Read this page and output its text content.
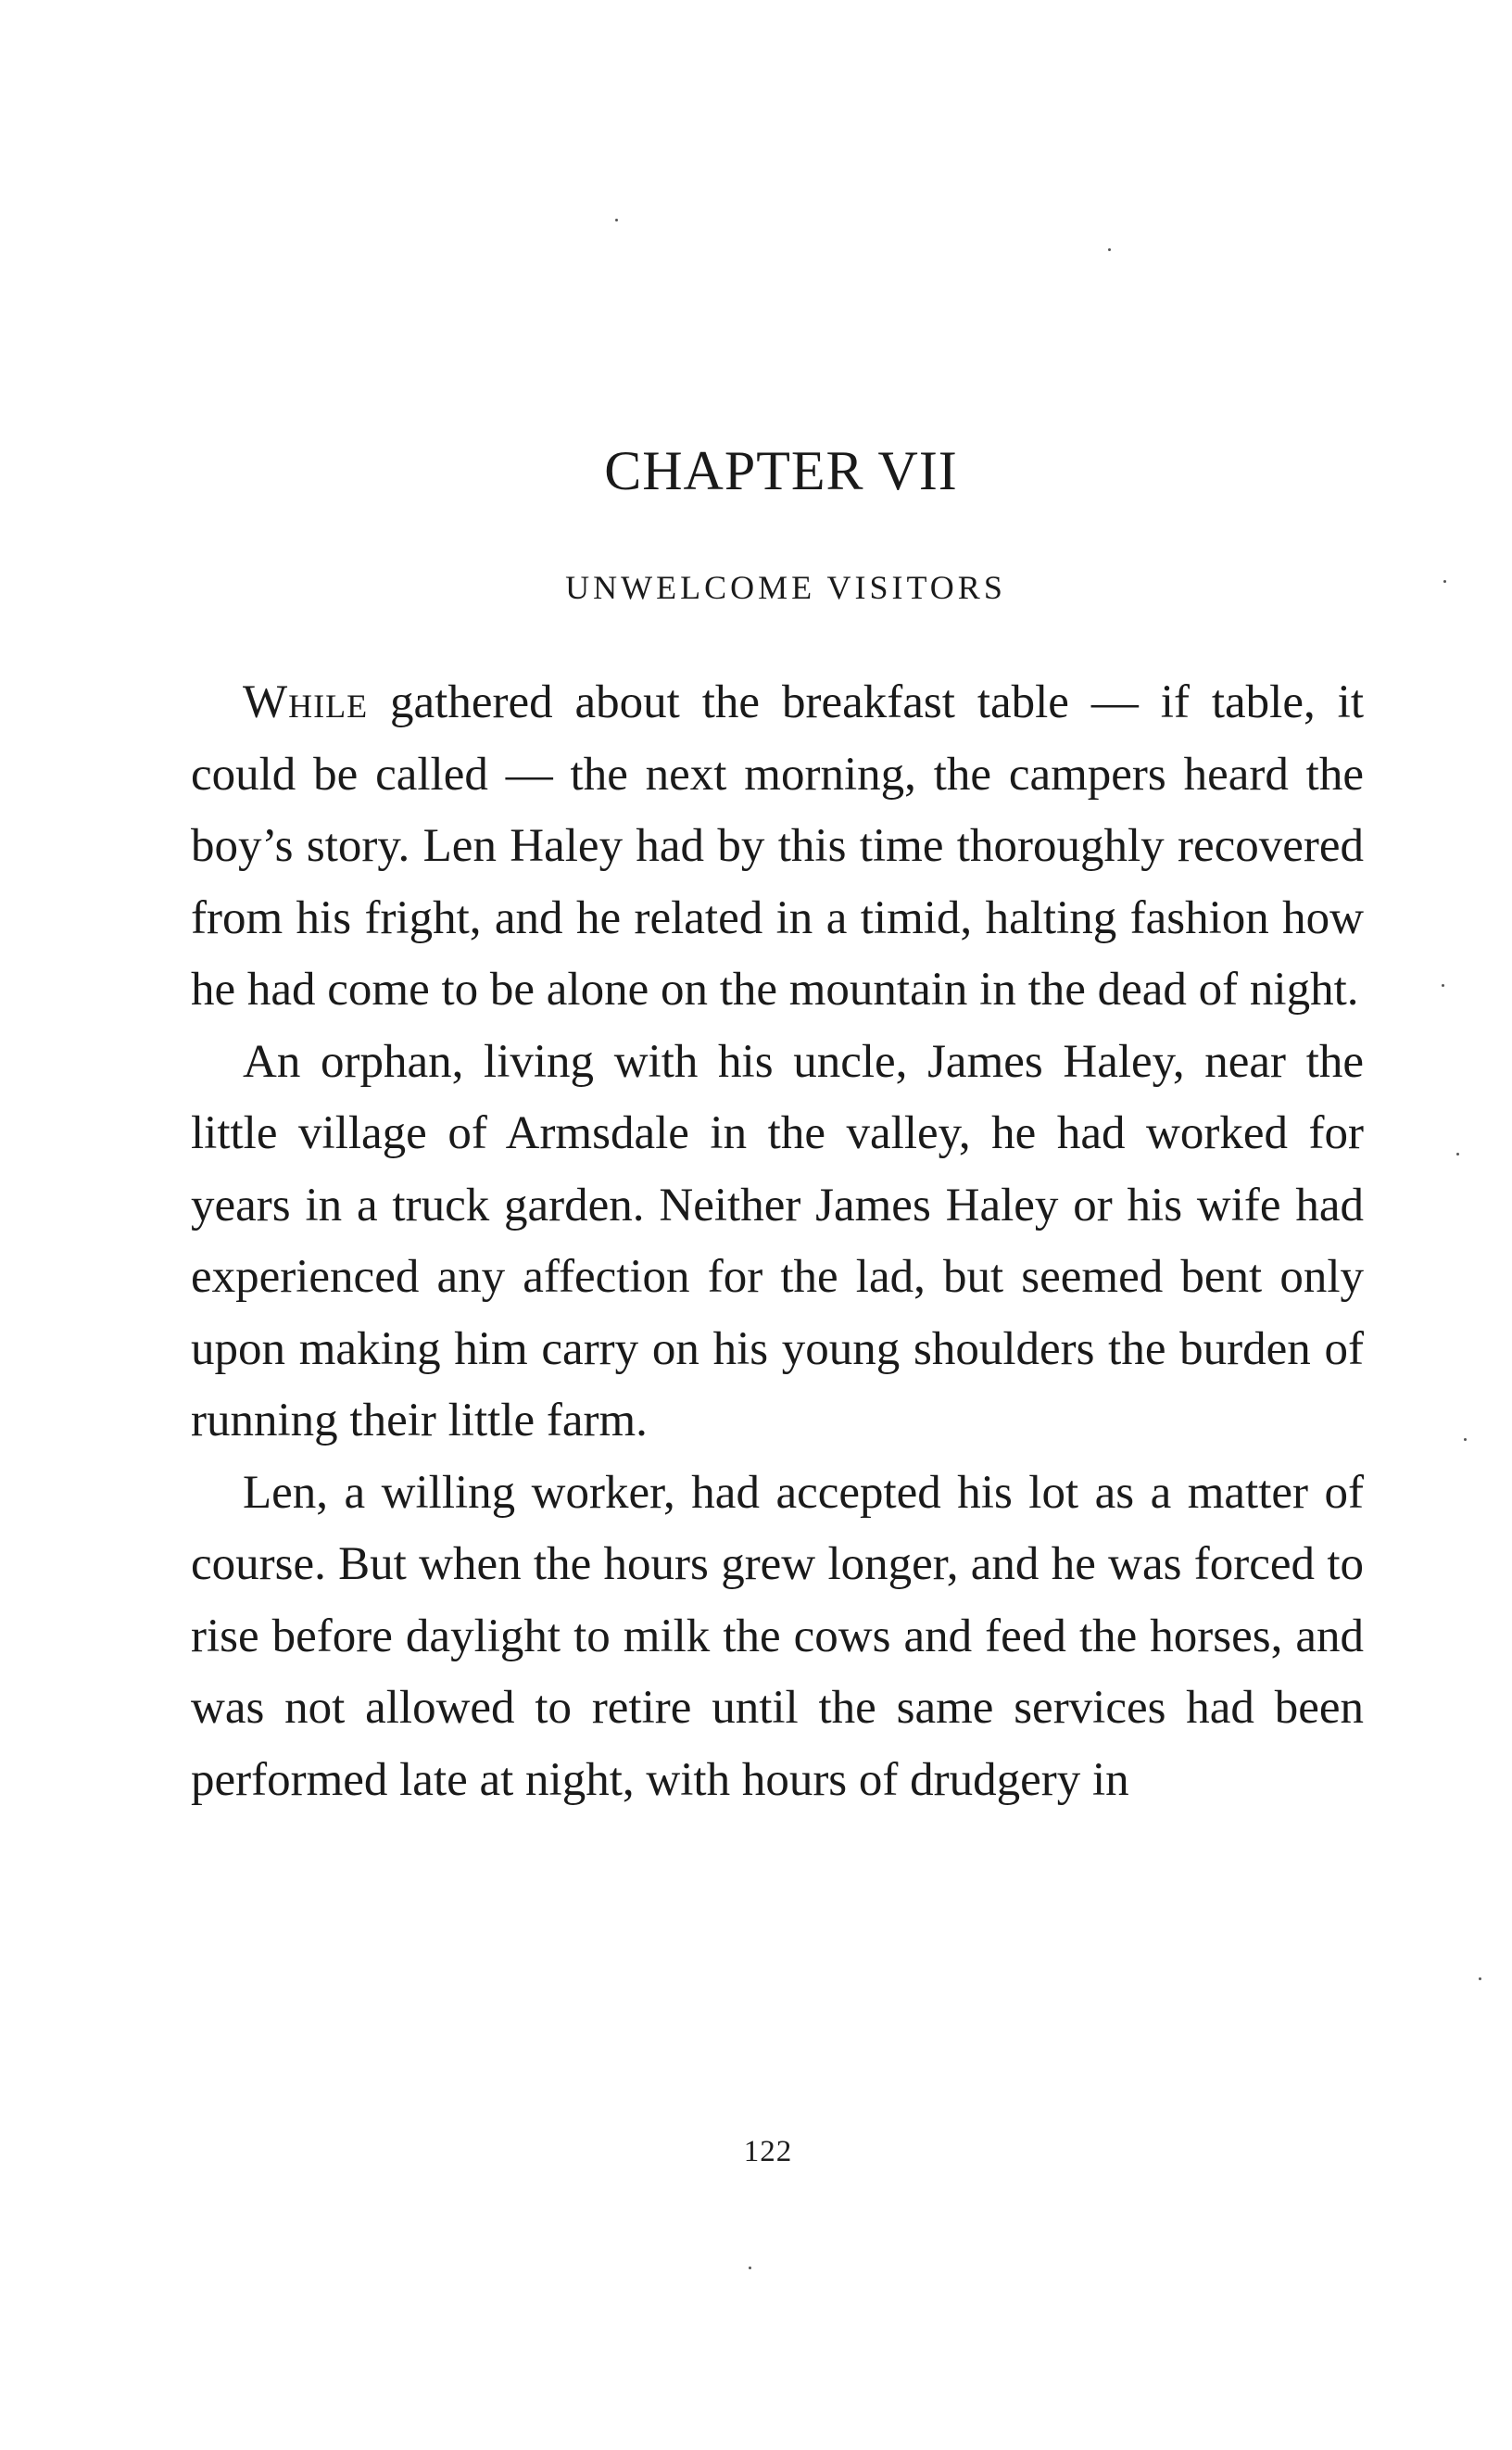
CHAPTER VII
UNWELCOME VISITORS

While gathered about the breakfast table — if table, it could be called — the next morning, the campers heard the boy’s story. Len Haley had by this time thoroughly recovered from his fright, and he related in a timid, halting fashion how he had come to be alone on the mountain in the dead of night.

An orphan, living with his uncle, James Haley, near the little village of Armsdale in the valley, he had worked for years in a truck garden. Neither James Haley or his wife had experienced any affection for the lad, but seemed bent only upon making him carry on his young shoulders the burden of running their little farm.

Len, a willing worker, had accepted his lot as a matter of course. But when the hours grew longer, and he was forced to rise before daylight to milk the cows and feed the horses, and was not allowed to retire until the same services had been performed late at night, with hours of drudgery in

122
